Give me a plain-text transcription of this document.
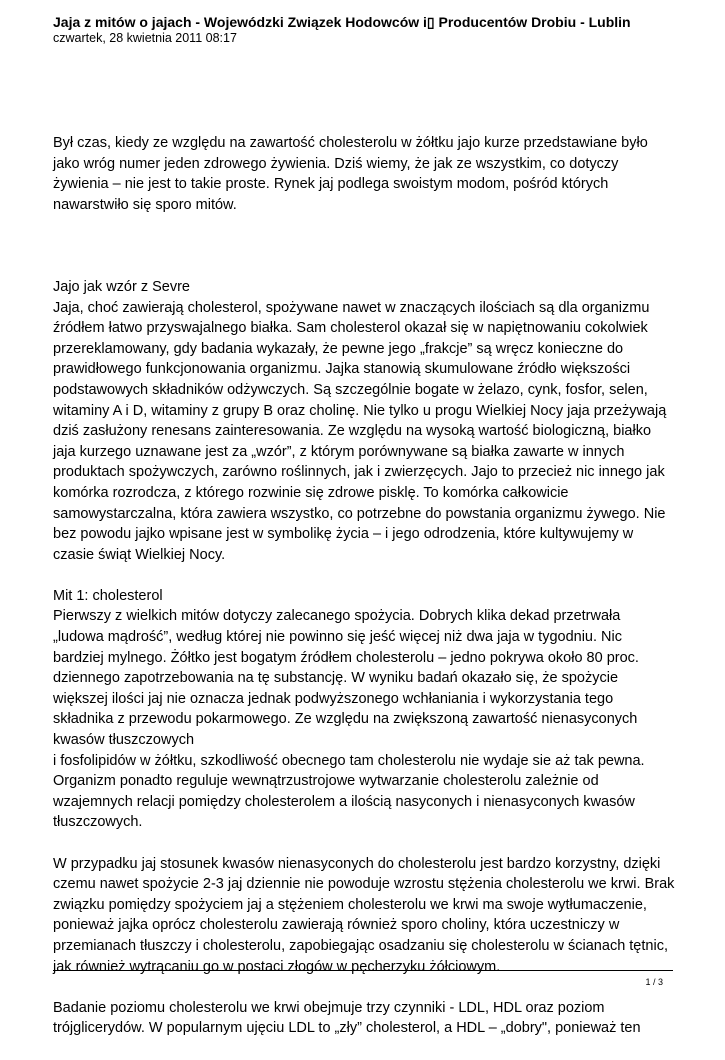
Jaja z mitów o jajach - Wojewódzki Związek Hodowców i▯ Producentów Drobiu - Lublin

czwartek, 28 kwietnia 2011 08:17

Był czas, kiedy ze względu na zawartość cholesterolu w żółtku jajo kurze przedstawiane było jako wróg numer jeden zdrowego żywienia. Dziś wiemy, że jak ze wszystkim, co dotyczy żywienia – nie jest to takie proste. Rynek jaj podlega swoistym modom, pośród których nawarstwiło się sporo mitów.

Jajo jak wzór z Sevre

Jaja, choć zawierają cholesterol, spożywane nawet w znaczących ilościach są dla organizmu źródłem łatwo przyswajalnego białka. Sam cholesterol okazał się w napiętnowaniu cokolwiek przereklamowany, gdy badania wykazały, że pewne jego „frakcje” są wręcz konieczne do prawidłowego funkcjonowania organizmu. Jajka stanowią skumulowane źródło większości podstawowych składników odżywczych. Są szczególnie bogate w żelazo, cynk, fosfor, selen, witaminy A i D, witaminy z grupy B oraz cholinę. Nie tylko u progu Wielkiej Nocy jaja przeżywają dziś zasłużony renesans zainteresowania. Ze względu na wysoką wartość biologiczną, białko jaja kurzego uznawane jest za „wzór”, z którym porównywane są białka zawarte w innych produktach spożywczych, zarówno roślinnych, jak i zwierzęcych. Jajo to przecież nic innego jak komórka rozrodcza, z którego rozwinie się zdrowe pisklę. To komórka całkowicie samowystarczalna, która zawiera wszystko, co potrzebne do powstania organizmu żywego. Nie bez powodu jajko wpisane jest w symbolikę życia – i jego odrodzenia, które kultywujemy w czasie świąt Wielkiej Nocy.

Mit 1: cholesterol

Pierwszy z wielkich mitów dotyczy zalecanego spożycia. Dobrych klika dekad przetrwała „ludowa mądrość”, według której nie powinno się jeść więcej niż dwa jaja w tygodniu. Nic bardziej mylnego. Żółtko jest bogatym źródłem cholesterolu – jedno pokrywa około 80 proc. dziennego zapotrzebowania na tę substancję. W wyniku badań okazało się, że spożycie większej ilości jaj nie oznacza jednak podwyższonego wchłaniania i wykorzystania tego składnika z przewodu pokarmowego. Ze względu na zwiększoną zawartość nienasyconych kwasów tłuszczowych
i fosfolipidów w żółtku, szkodliwość obecnego tam cholesterolu nie wydaje sie aż tak pewna. Organizm ponadto reguluje wewnątrzustrojowe wytwarzanie cholesterolu zależnie od wzajemnych relacji pomiędzy cholesterolem a ilością nasyconych i nienasyconych kwasów tłuszczowych.

W przypadku jaj stosunek kwasów nienasyconych do cholesterolu jest bardzo korzystny, dzięki czemu nawet spożycie 2-3 jaj dziennie nie powoduje wzrostu stężenia cholesterolu we krwi. Brak związku pomiędzy spożyciem jaj a stężeniem cholesterolu we krwi ma swoje wytłumaczenie, ponieważ jajka oprócz cholesterolu zawierają również sporo choliny, która uczestniczy w przemianach tłuszczy i cholesterolu, zapobiegając osadzaniu się cholesterolu w ścianach tętnic, jak również wytrącaniu go w postaci złogów w pęcherzyku żółciowym.

Badanie poziomu cholesterolu we krwi obejmuje trzy czynniki - LDL, HDL oraz poziom trójglicerydów. W popularnym ujęciu LDL to „zły” cholesterol, a HDL – „dobry", ponieważ ten

1 / 3
